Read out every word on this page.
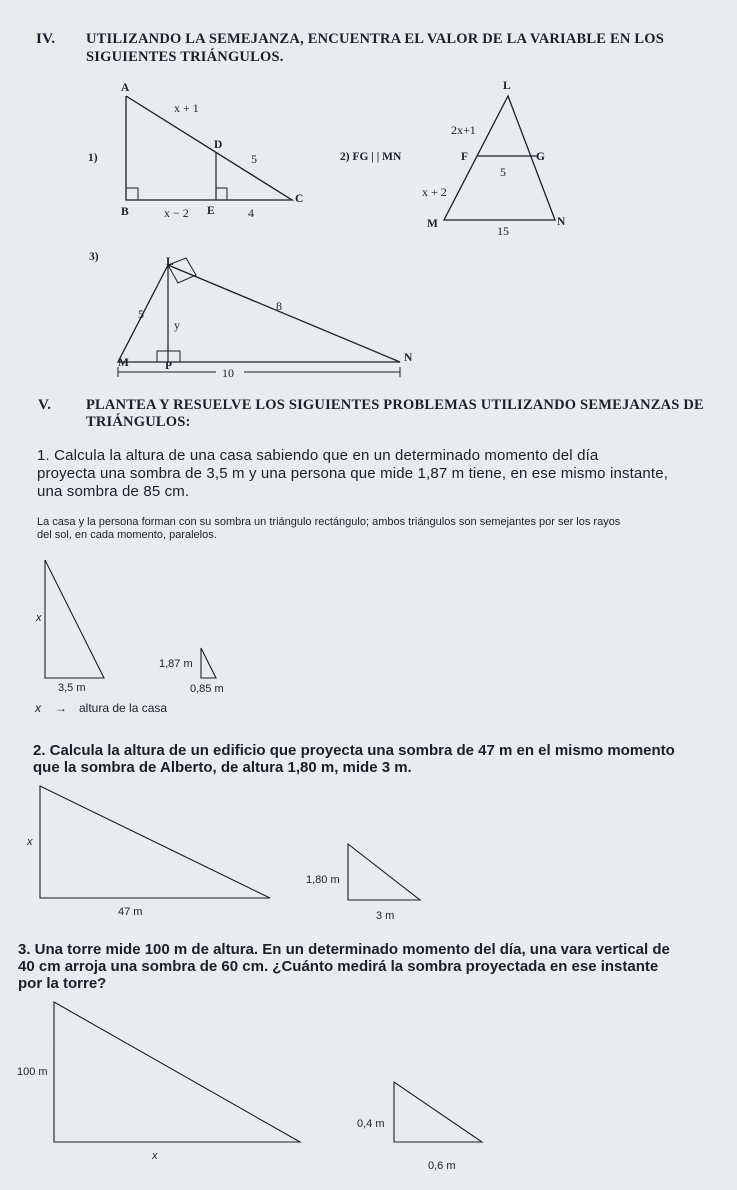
IV. UTILIZANDO LA SEMEJANZA, ENCUENTRA EL VALOR DE LA VARIABLE EN LOS
SIGUIENTES TRIÁNGULOS.
1)
A
x + 1
D
5
C
B	x − 2 E	4
2) FG | | MN
L
2x+1
F	G
5
x + 2
M	15
N
3)	L
5
y
8
M	P
N
10
V. PLANTEA Y RESUELVE LOS SIGUIENTES PROBLEMAS UTILIZANDO SEMEJANZAS DE
TRIÁNGULOS:
1. Calcula la altura de una casa sabiendo que en un determinado momento del día
proyecta una sombra de 3,5 m y una persona que mide 1,87 m tiene, en ese mismo instante,
una sombra de 85 cm.
La casa y la persona forman con su sombra un triángulo rectángulo; ambos triángulos son semejantes por ser los rayos
del sol, en cada momento, paralelos.
x
3,5 m
1,87 m
0,85 m
x → altura de la casa
2. Calcula la altura de un edificio que proyecta una sombra de 47 m en el mismo momento
que la sombra de Alberto, de altura 1,80 m, mide 3 m.
x
47 m
1,80 m
3 m
3. Una torre mide 100 m de altura. En un determinado momento del día, una vara vertical de
40 cm arroja una sombra de 60 cm. ¿Cuánto medirá la sombra proyectada en ese instante
por la torre?
100 m
x
0,4 m
0,6 m
